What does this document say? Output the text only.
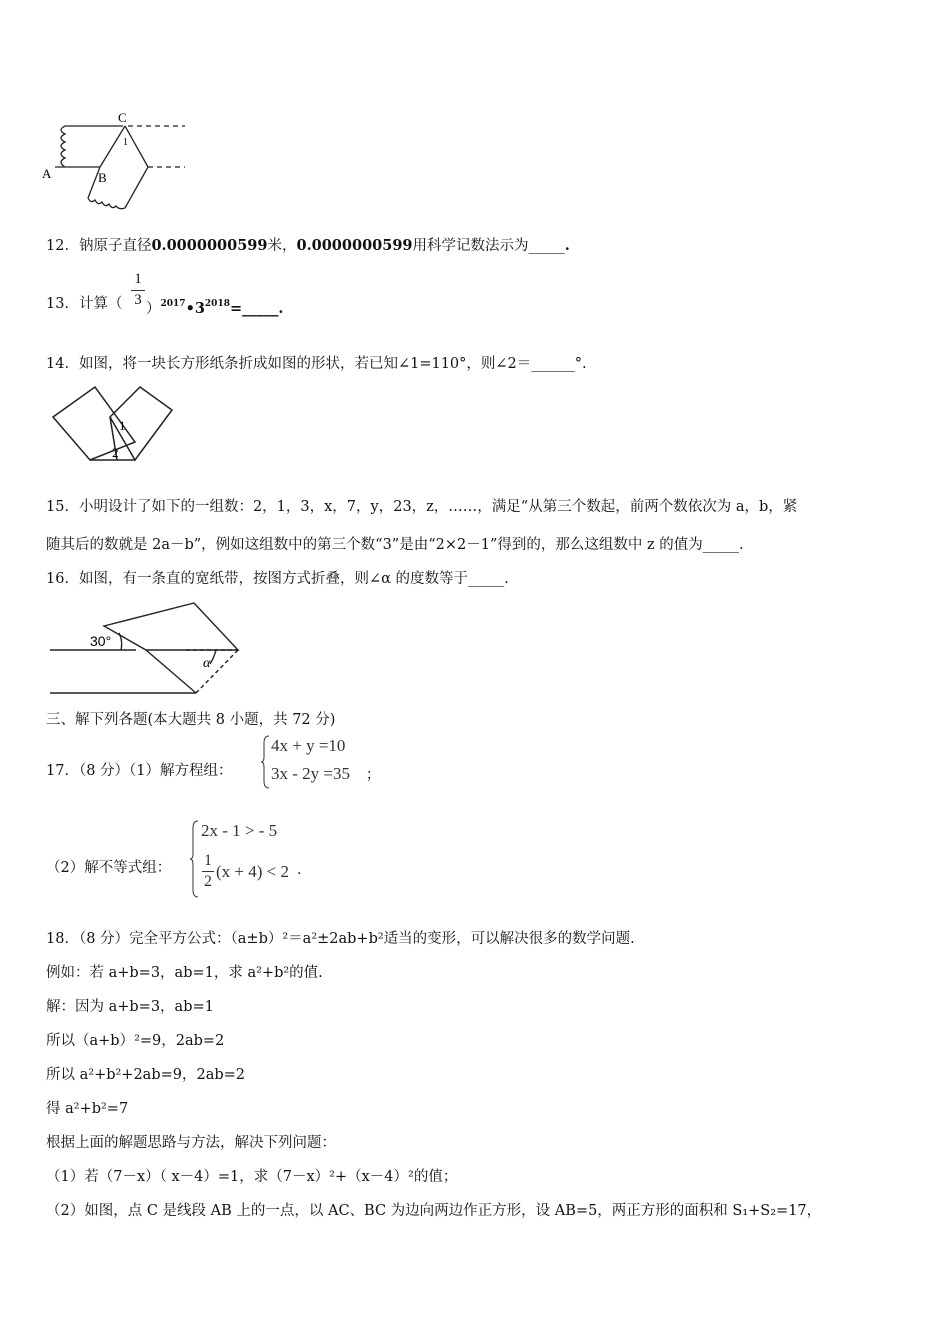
C
1
A	B
12．钠原子直径0.0000000599米，0.0000000599用科学记数法示为_____.
13．计算（
1
3
）$^{2017}•3^{2018}=\_\_\_\_\_$.
14．如图，将一块长方形纸条折成如图的形状，若已知∠1=110°，则∠2＝______°.
1
2
15．小明设计了如下的一组数：2，1，3，x，7，y，23，z，……，满足“从第三个数起，前两个数依次为 a，b，紧
随其后的数就是 2a－b”，例如这组数中的第三个数“3”是由“2×2－1”得到的，那么这组数中 z 的值为_____.
16．如图，有一条直的宽纸带，按图方式折叠，则∠α 的度数等于_____.
30°
α
三、解下列各题(本大题共 8 小题，共 72 分)
17．（8 分）（1）解方程组：
4x + y =10
3x - 2y =35 ；
（2）解不等式组：
2x - 1 > - 5
1
2
(x + 4) < 2 .
18．（8 分）完全平方公式：（a±b）²＝a²±2ab+b²适当的变形，可以解决很多的数学问题.
例如：若 a+b=3，ab=1，求 a²+b²的值.
解：因为 a+b=3，ab=1
所以（a+b）²=9，2ab=2
所以 a²+b²+2ab=9，2ab=2
得 a²+b²=7
根据上面的解题思路与方法，解决下列问题：
（1）若（7－x）（ x－4）=1，求（7－x）²+（x－4）²的值；
（2）如图，点 C 是线段 AB 上的一点，以 AC、BC 为边向两边作正方形，设 AB=5，两正方形的面积和 S₁+S₂=17，
